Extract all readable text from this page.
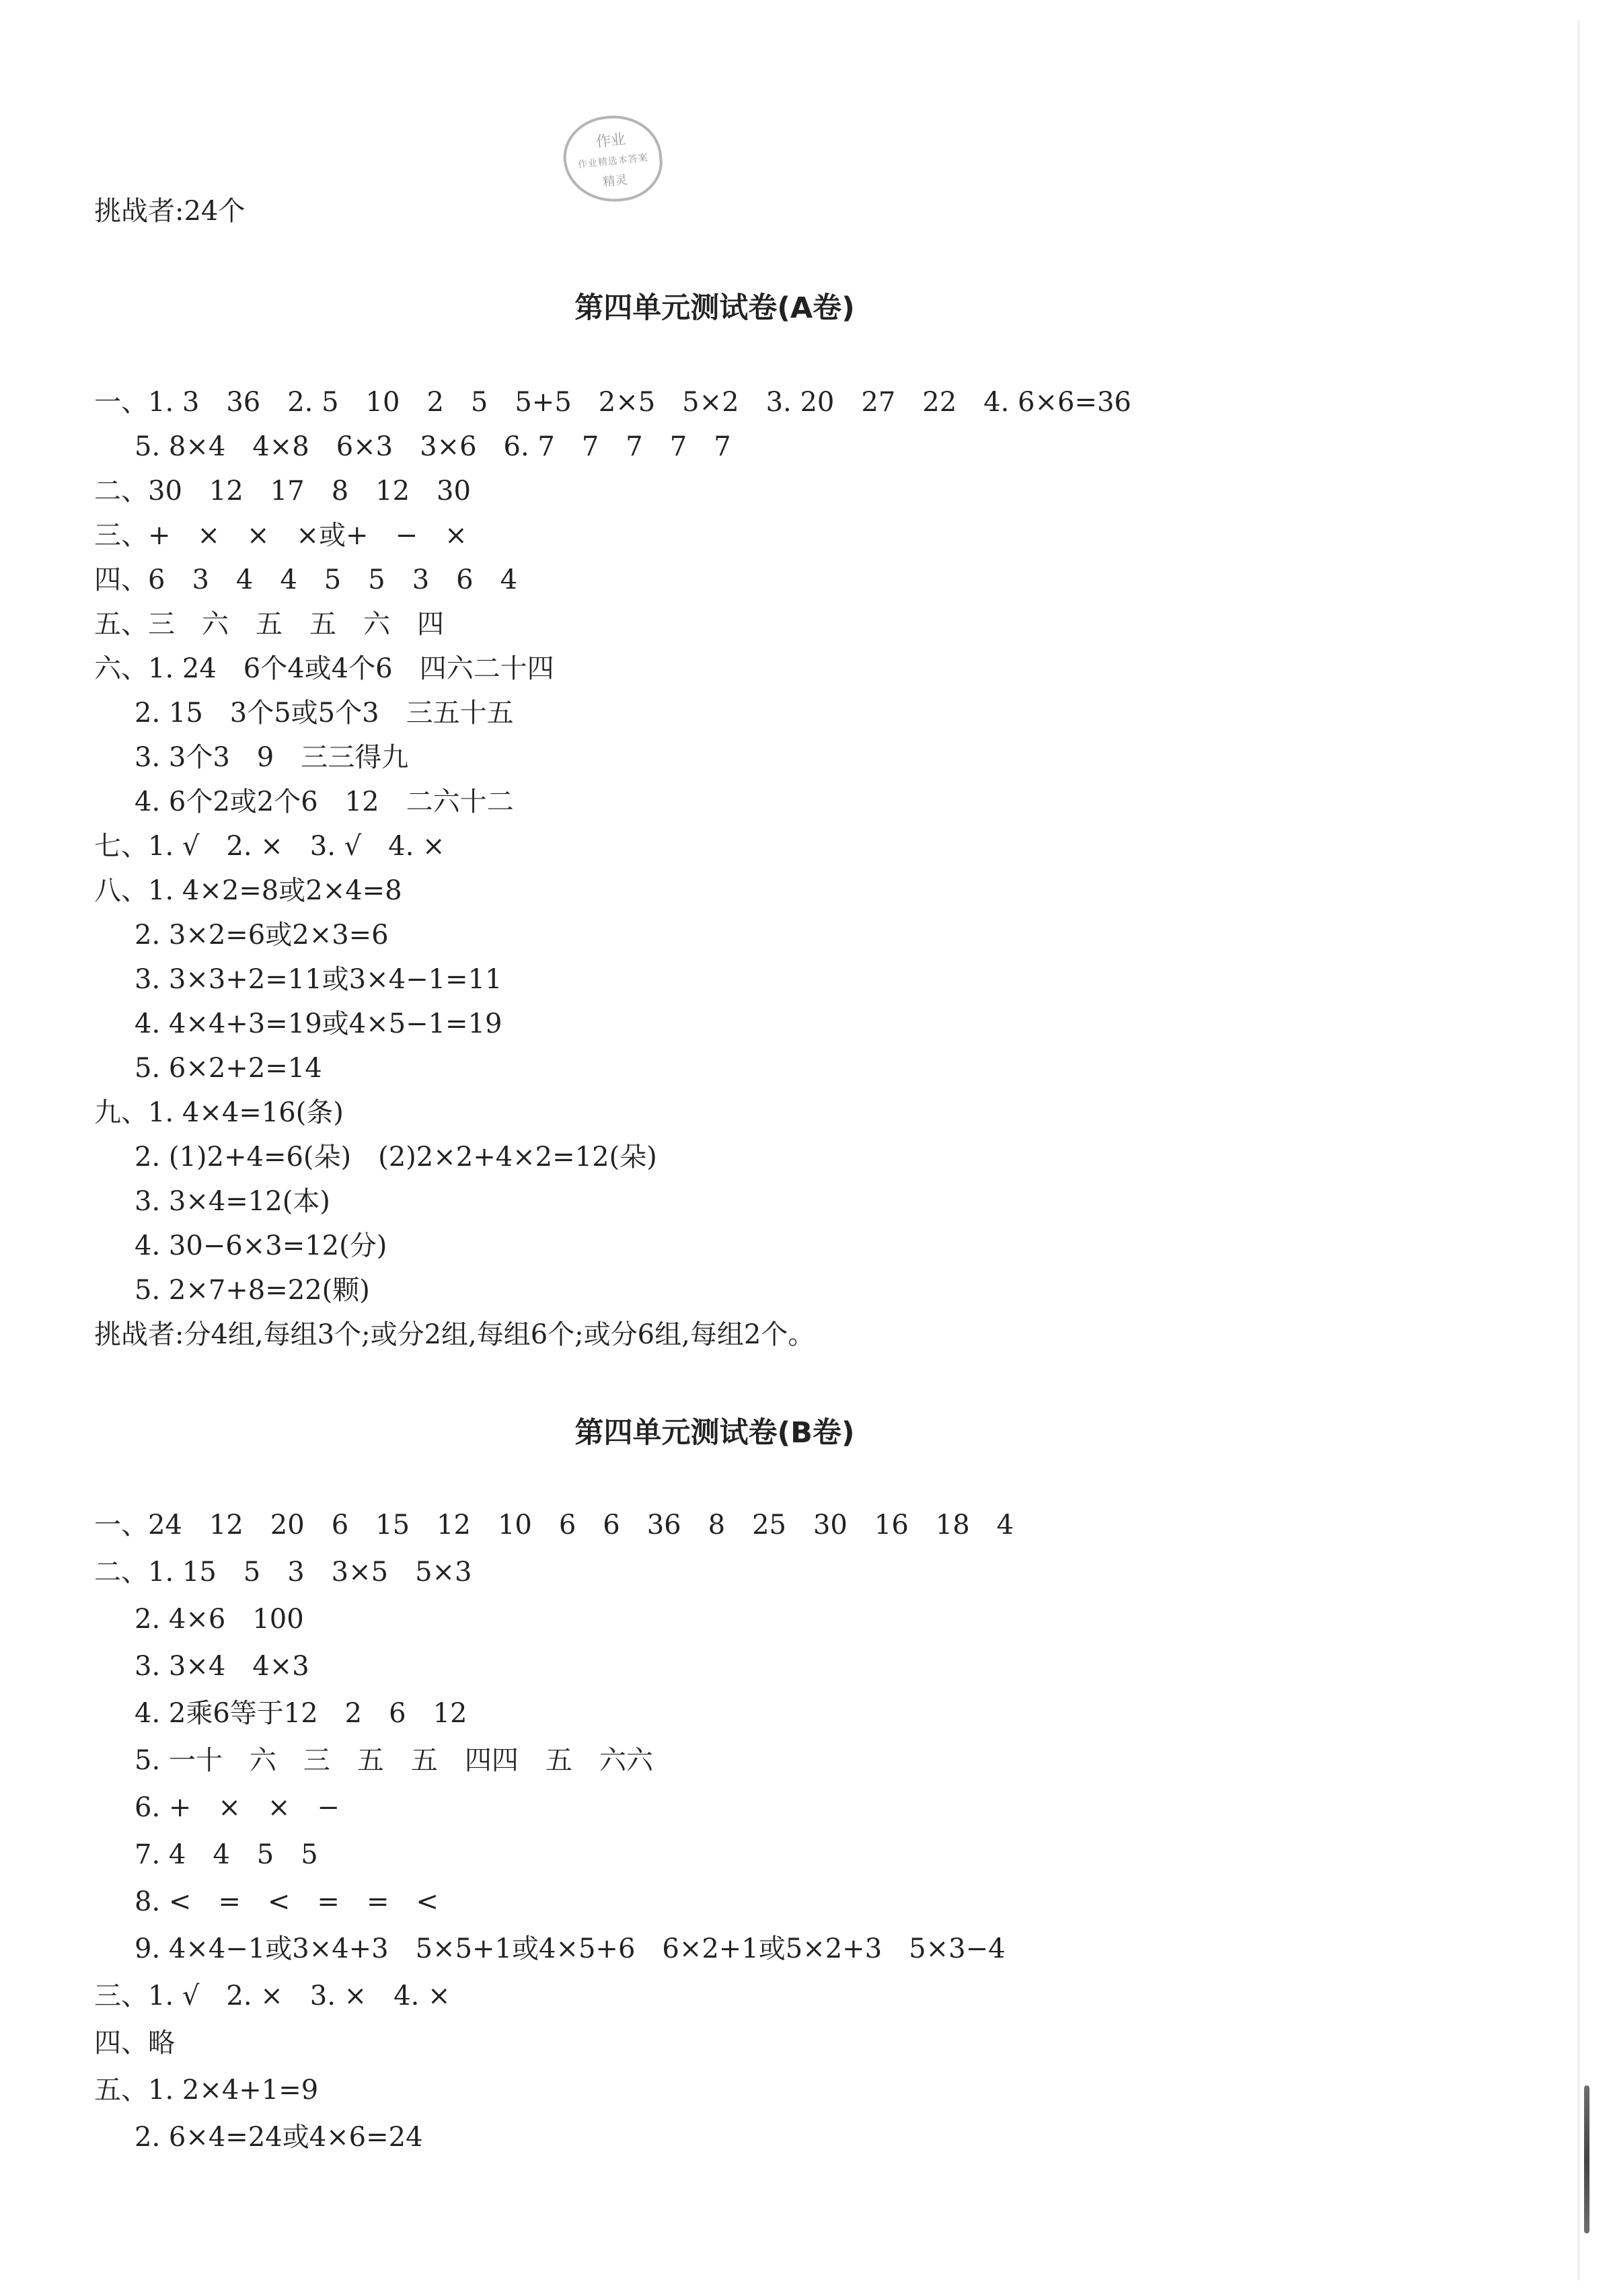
作业
作业精选本答案
精灵
挑战者:24个
第四单元测试卷(A卷)
一、1. 3　36　2. 5　10　2　5　5+5　2×5　5×2　3. 20　27　22　4. 6×6=36
5. 8×4　4×8　6×3　3×6　6. 7　7　7　7　7
二、30　12　17　8　12　30
三、+　×　×　×或+　−　×
四、6　3　4　4　5　5　3　6　4
五、三　六　五　五　六　四
六、1. 24　6个4或4个6　四六二十四
2. 15　3个5或5个3　三五十五
3. 3个3　9　三三得九
4. 6个2或2个6　12　二六十二
七、1. √　2. ×　3. √　4. ×
八、1. 4×2=8或2×4=8
2. 3×2=6或2×3=6
3. 3×3+2=11或3×4−1=11
4. 4×4+3=19或4×5−1=19
5. 6×2+2=14
九、1. 4×4=16(条)
2. (1)2+4=6(朵)　(2)2×2+4×2=12(朵)
3. 3×4=12(本)
4. 30−6×3=12(分)
5. 2×7+8=22(颗)
挑战者:分4组,每组3个;或分2组,每组6个;或分6组,每组2个。
第四单元测试卷(B卷)
一、24　12　20　6　15　12　10　6　6　36　8　25　30　16　18　4
二、1. 15　5　3　3×5　5×3
2. 4×6　100
3. 3×4　4×3
4. 2乘6等于12　2　6　12
5. 一十　六　三　五　五　四四　五　六六
6. +　×　×　−
7. 4　4　5　5
8. <　=　<　=　=　<
9. 4×4−1或3×4+3　5×5+1或4×5+6　6×2+1或5×2+3　5×3−4
三、1. √　2. ×　3. ×　4. ×
四、略
五、1. 2×4+1=9
2. 6×4=24或4×6=24
